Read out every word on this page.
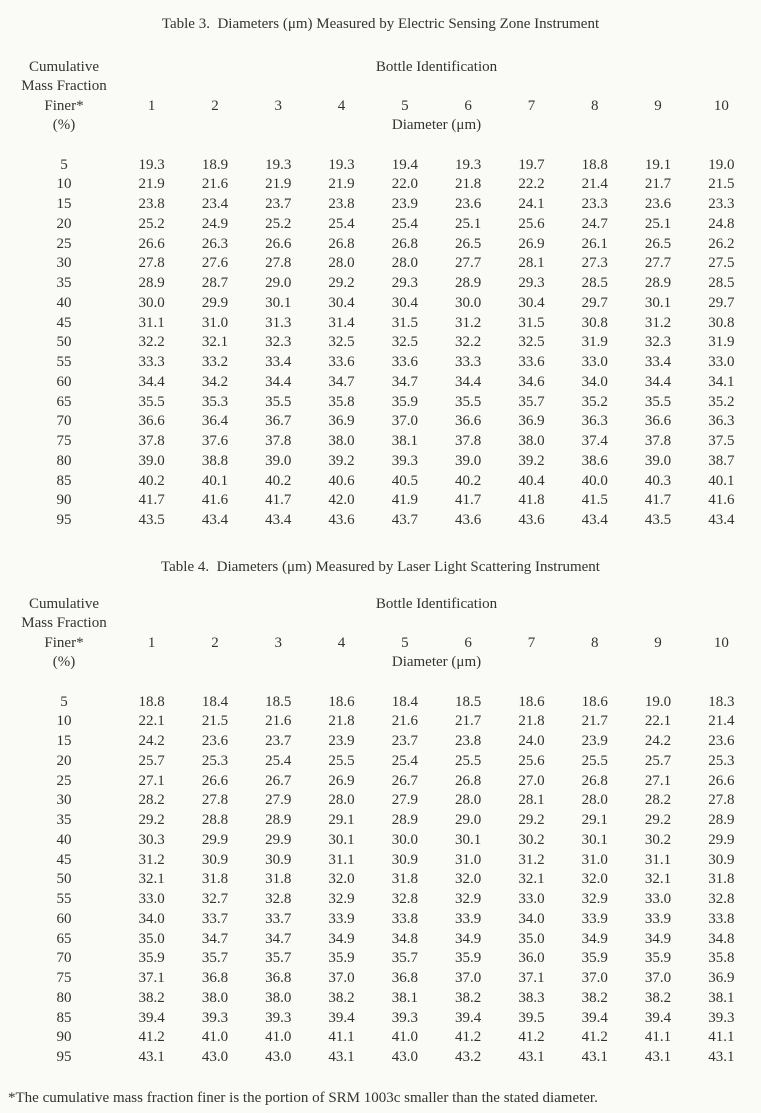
Table 3.  Diameters (μm) Measured by Electric Sensing Zone Instrument
Cumulative	Bottle Identification
Mass Fraction
Finer*	1	2	3	4	5	6	7	8	9	10
(%)	Diameter (μm)
5	19.3	18.9	19.3	19.3	19.4	19.3	19.7	18.8	19.1	19.0
10	21.9	21.6	21.9	21.9	22.0	21.8	22.2	21.4	21.7	21.5
15	23.8	23.4	23.7	23.8	23.9	23.6	24.1	23.3	23.6	23.3
20	25.2	24.9	25.2	25.4	25.4	25.1	25.6	24.7	25.1	24.8
25	26.6	26.3	26.6	26.8	26.8	26.5	26.9	26.1	26.5	26.2
30	27.8	27.6	27.8	28.0	28.0	27.7	28.1	27.3	27.7	27.5
35	28.9	28.7	29.0	29.2	29.3	28.9	29.3	28.5	28.9	28.5
40	30.0	29.9	30.1	30.4	30.4	30.0	30.4	29.7	30.1	29.7
45	31.1	31.0	31.3	31.4	31.5	31.2	31.5	30.8	31.2	30.8
50	32.2	32.1	32.3	32.5	32.5	32.2	32.5	31.9	32.3	31.9
55	33.3	33.2	33.4	33.6	33.6	33.3	33.6	33.0	33.4	33.0
60	34.4	34.2	34.4	34.7	34.7	34.4	34.6	34.0	34.4	34.1
65	35.5	35.3	35.5	35.8	35.9	35.5	35.7	35.2	35.5	35.2
70	36.6	36.4	36.7	36.9	37.0	36.6	36.9	36.3	36.6	36.3
75	37.8	37.6	37.8	38.0	38.1	37.8	38.0	37.4	37.8	37.5
80	39.0	38.8	39.0	39.2	39.3	39.0	39.2	38.6	39.0	38.7
85	40.2	40.1	40.2	40.6	40.5	40.2	40.4	40.0	40.3	40.1
90	41.7	41.6	41.7	42.0	41.9	41.7	41.8	41.5	41.7	41.6
95	43.5	43.4	43.4	43.6	43.7	43.6	43.6	43.4	43.5	43.4
Table 4.  Diameters (μm) Measured by Laser Light Scattering Instrument
Cumulative	Bottle Identification
Mass Fraction
Finer*	1	2	3	4	5	6	7	8	9	10
(%)	Diameter (μm)
5	18.8	18.4	18.5	18.6	18.4	18.5	18.6	18.6	19.0	18.3
10	22.1	21.5	21.6	21.8	21.6	21.7	21.8	21.7	22.1	21.4
15	24.2	23.6	23.7	23.9	23.7	23.8	24.0	23.9	24.2	23.6
20	25.7	25.3	25.4	25.5	25.4	25.5	25.6	25.5	25.7	25.3
25	27.1	26.6	26.7	26.9	26.7	26.8	27.0	26.8	27.1	26.6
30	28.2	27.8	27.9	28.0	27.9	28.0	28.1	28.0	28.2	27.8
35	29.2	28.8	28.9	29.1	28.9	29.0	29.2	29.1	29.2	28.9
40	30.3	29.9	29.9	30.1	30.0	30.1	30.2	30.1	30.2	29.9
45	31.2	30.9	30.9	31.1	30.9	31.0	31.2	31.0	31.1	30.9
50	32.1	31.8	31.8	32.0	31.8	32.0	32.1	32.0	32.1	31.8
55	33.0	32.7	32.8	32.9	32.8	32.9	33.0	32.9	33.0	32.8
60	34.0	33.7	33.7	33.9	33.8	33.9	34.0	33.9	33.9	33.8
65	35.0	34.7	34.7	34.9	34.8	34.9	35.0	34.9	34.9	34.8
70	35.9	35.7	35.7	35.9	35.7	35.9	36.0	35.9	35.9	35.8
75	37.1	36.8	36.8	37.0	36.8	37.0	37.1	37.0	37.0	36.9
80	38.2	38.0	38.0	38.2	38.1	38.2	38.3	38.2	38.2	38.1
85	39.4	39.3	39.3	39.4	39.3	39.4	39.5	39.4	39.4	39.3
90	41.2	41.0	41.0	41.1	41.0	41.2	41.2	41.2	41.1	41.1
95	43.1	43.0	43.0	43.1	43.0	43.2	43.1	43.1	43.1	43.1
*The cumulative mass fraction finer is the portion of SRM 1003c smaller than the stated diameter.
